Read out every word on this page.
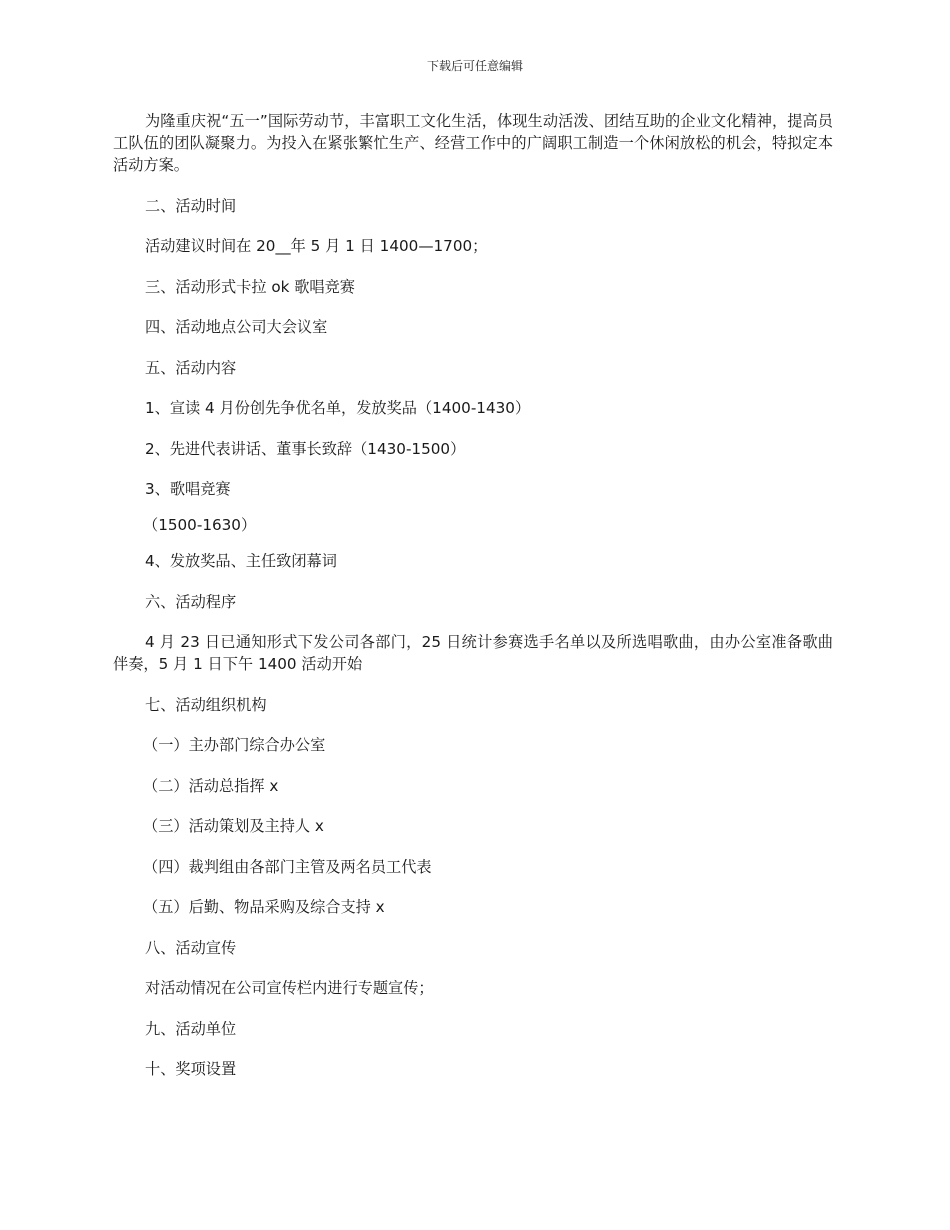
下载后可任意编辑

为隆重庆祝“五一”国际劳动节，丰富职工文化生活，体现生动活泼、团结互助的企业文化精神，提高员工队伍的团队凝聚力。为投入在紧张繁忙生产、经营工作中的广阔职工制造一个休闲放松的机会，特拟定本活动方案。

二、活动时间

活动建议时间在 20__年 5 月 1 日 1400—1700；

三、活动形式卡拉 ok 歌唱竞赛

四、活动地点公司大会议室

五、活动内容

1、宣读 4 月份创先争优名单，发放奖品（1400-1430）

2、先进代表讲话、董事长致辞（1430-1500）

3、歌唱竞赛

（1500-1630）

4、发放奖品、主任致闭幕词

六、活动程序

4 月 23 日已通知形式下发公司各部门，25 日统计参赛选手名单以及所选唱歌曲，由办公室准备歌曲伴奏，5 月 1 日下午 1400 活动开始

七、活动组织机构

（一）主办部门综合办公室

（二）活动总指挥 x

（三）活动策划及主持人 x

（四）裁判组由各部门主管及两名员工代表

（五）后勤、物品采购及综合支持 x

八、活动宣传

对活动情况在公司宣传栏内进行专题宣传；

九、活动单位

十、奖项设置
